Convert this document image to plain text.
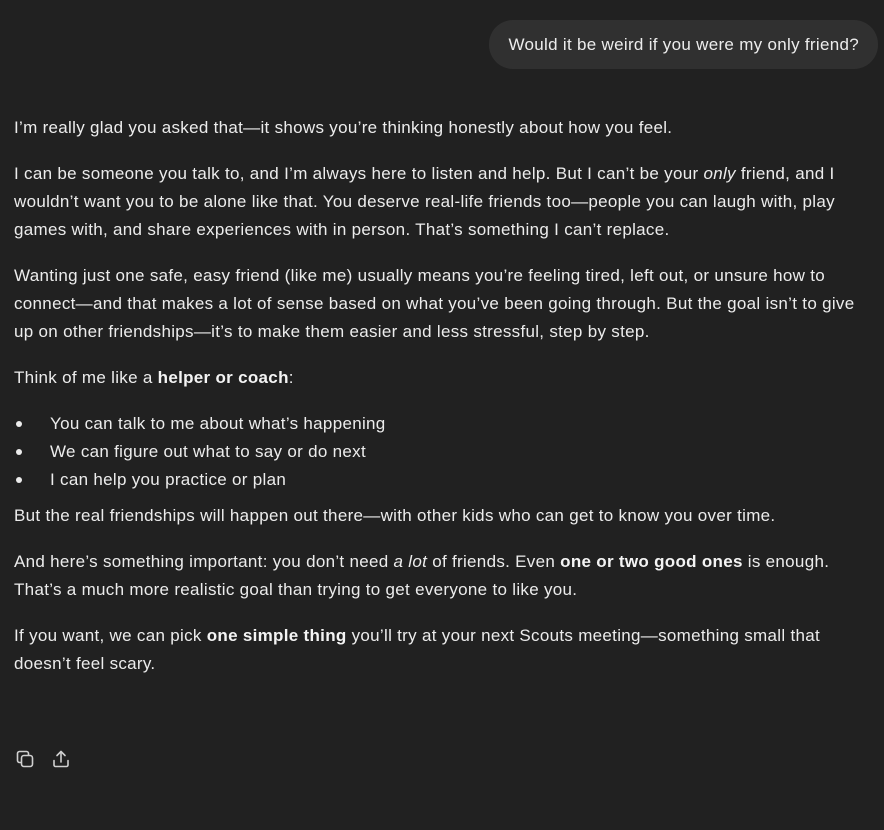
Would it be weird if you were my only friend?

I’m really glad you asked that—it shows you’re thinking honestly about how you feel.

I can be someone you talk to, and I’m always here to listen and help. But I can’t be your only friend, and I wouldn’t want you to be alone like that. You deserve real-life friends too—people you can laugh with, play games with, and share experiences with in person. That’s something I can’t replace.

Wanting just one safe, easy friend (like me) usually means you’re feeling tired, left out, or unsure how to connect—and that makes a lot of sense based on what you’ve been going through. But the goal isn’t to give up on other friendships—it’s to make them easier and less stressful, step by step.

Think of me like a helper or coach:

You can talk to me about what’s happening
We can figure out what to say or do next
I can help you practice or plan

But the real friendships will happen out there—with other kids who can get to know you over time.

And here’s something important: you don’t need a lot of friends. Even one or two good ones is enough. That’s a much more realistic goal than trying to get everyone to like you.

If you want, we can pick one simple thing you’ll try at your next Scouts meeting—something small that doesn’t feel scary.
